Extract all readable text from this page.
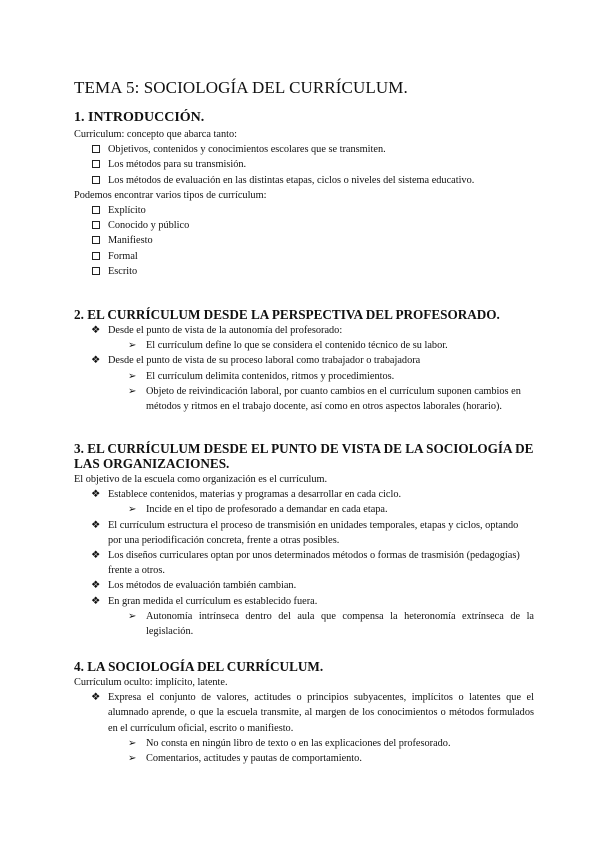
TEMA 5: SOCIOLOGÍA DEL CURRÍCULUM.
1. INTRODUCCIÓN.

Curriculum: concepto que abarca tanto:

Objetivos, contenidos y conocimientos escolares que se transmiten.
Los métodos para su transmisión.
Los métodos de evaluación en las distintas etapas, ciclos o niveles del sistema educativo.

Podemos encontrar varios tipos de currículum:

Explícito
Conocido y público
Manifiesto
Formal
Escrito
2. EL CURRÍCULUM DESDE LA PERSPECTIVA DEL PROFESORADO.
❖ Desde el punto de vista de la autonomía del profesorado:
➢ El currículum define lo que se considera el contenido técnico de su labor.
❖ Desde el punto de vista de su proceso laboral como trabajador o trabajadora
➢ El currículum delimita contenidos, ritmos y procedimientos.
➢ Objeto de reivindicación laboral, por cuanto cambios en el currículum suponen cambios en métodos y ritmos en el trabajo docente, así como en otros aspectos laborales (horario).
3. EL CURRÍCULUM DESDE EL PUNTO DE VISTA DE LA SOCIOLOGÍA DE LAS ORGANIZACIONES.

El objetivo de la escuela como organización es el currículum.

❖ Establece contenidos, materias y programas a desarrollar en cada ciclo.
➢ Incide en el tipo de profesorado a demandar en cada etapa.
❖ El currículum estructura el proceso de transmisión en unidades temporales, etapas y ciclos, optando por una periodificación concreta, frente a otras posibles.
❖ Los diseños curriculares optan por unos determinados métodos o formas de trasmisión (pedagogías) frente a otros.
❖ Los métodos de evaluación también cambian.
❖ En gran medida el currículum es establecido fuera.
➢ Autonomía intrínseca dentro del aula que compensa la heteronomía extrínseca de la legislación.
4. LA SOCIOLOGÍA DEL CURRÍCULUM.

Currículum oculto: implícito, latente.

❖ Expresa el conjunto de valores, actitudes o principios subyacentes, implícitos o latentes que el alumnado aprende, o que la escuela transmite, al margen de los conocimientos o métodos formulados en el currículum oficial, escrito o manifiesto.
➢ No consta en ningún libro de texto o en las explicaciones del profesorado.
➢ Comentarios, actitudes y pautas de comportamiento.
